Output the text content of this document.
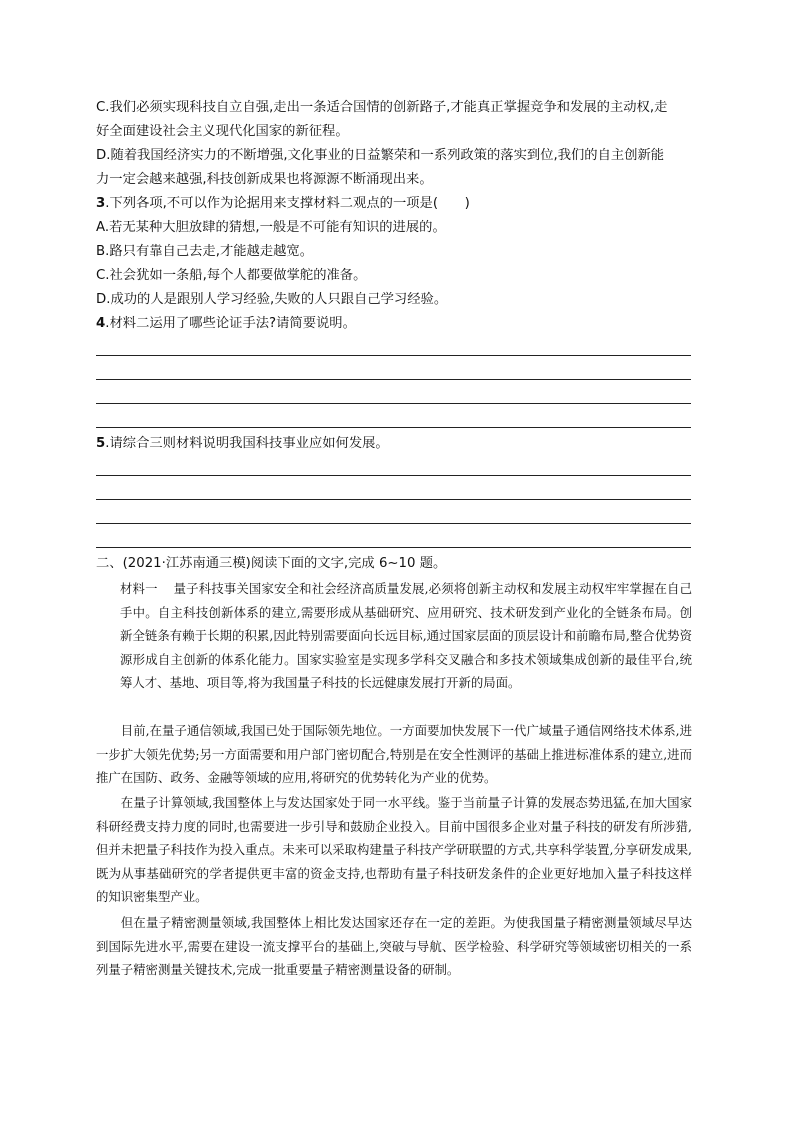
C.我们必须实现科技自立自强,走出一条适合国情的创新路子,才能真正掌握竞争和发展的主动权,走
好全面建设社会主义现代化国家的新征程。
D.随着我国经济实力的不断增强,文化事业的日益繁荣和一系列政策的落实到位,我们的自主创新能
力一定会越来越强,科技创新成果也将源源不断涌现出来。
3.下列各项,不可以作为论据用来支撑材料二观点的一项是(　　)
A.若无某种大胆放肆的猜想,一般是不可能有知识的进展的。
B.路只有靠自己去走,才能越走越宽。
C.社会犹如一条船,每个人都要做掌舵的准备。
D.成功的人是跟别人学习经验,失败的人只跟自己学习经验。
4.材料二运用了哪些论证手法?请简要说明。
5.请综合三则材料说明我国科技事业应如何发展。
二、(2021·江苏南通三模)阅读下面的文字,完成 6~10 题。
材料一 量子科技事关国家安全和社会经济高质量发展,必须将创新主动权和发展主动权牢牢掌握在自己手中。自主科技创新体系的建立,需要形成从基础研究、应用研究、技术研发到产业化的全链条布局。创新全链条有赖于长期的积累,因此特别需要面向长远目标,通过国家层面的顶层设计和前瞻布局,整合优势资源形成自主创新的体系化能力。国家实验室是实现多学科交叉融合和多技术领域集成创新的最佳平台,统筹人才、基地、项目等,将为我国量子科技的长远健康发展打开新的局面。
目前,在量子通信领域,我国已处于国际领先地位。一方面要加快发展下一代广域量子通信网络技术体系,进一步扩大领先优势;另一方面需要和用户部门密切配合,特别是在安全性测评的基础上推进标准体系的建立,进而推广在国防、政务、金融等领域的应用,将研究的优势转化为产业的优势。
在量子计算领域,我国整体上与发达国家处于同一水平线。鉴于当前量子计算的发展态势迅猛,在加大国家科研经费支持力度的同时,也需要进一步引导和鼓励企业投入。目前中国很多企业对量子科技的研发有所涉猎,但并未把量子科技作为投入重点。未来可以采取构建量子科技产学研联盟的方式,共享科学装置,分享研发成果,既为从事基础研究的学者提供更丰富的资金支持,也帮助有量子科技研发条件的企业更好地加入量子科技这样的知识密集型产业。
但在量子精密测量领域,我国整体上相比发达国家还存在一定的差距。为使我国量子精密测量领域尽早达到国际先进水平,需要在建设一流支撑平台的基础上,突破与导航、医学检验、科学研究等领域密切相关的一系列量子精密测量关键技术,完成一批重要量子精密测量设备的研制。
